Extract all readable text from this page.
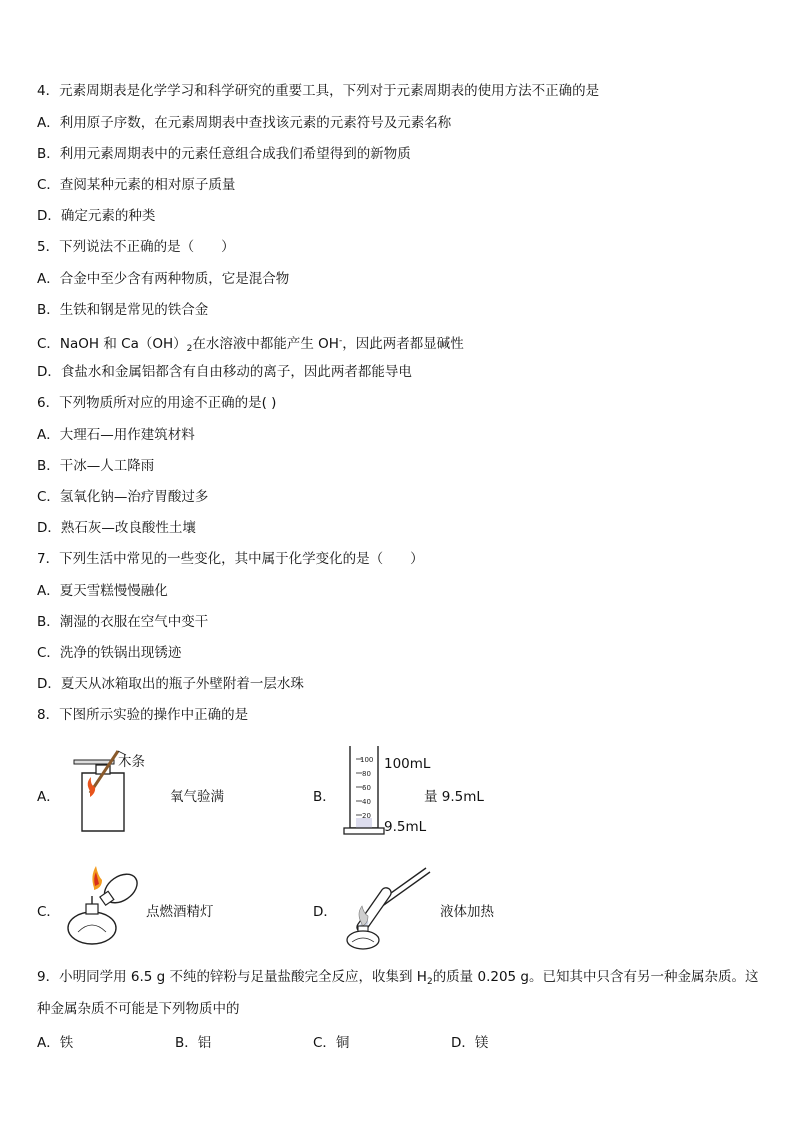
4．元素周期表是化学学习和科学研究的重要工具，下列对于元素周期表的使用方法不正确的是
A．利用原子序数，在元素周期表中查找该元素的元素符号及元素名称
B．利用元素周期表中的元素任意组合成我们希望得到的新物质
C．查阅某种元素的相对原子质量
D．确定元素的种类
5．下列说法不正确的是（　　）
A．合金中至少含有两种物质，它是混合物
B．生铁和钢是常见的铁合金
C．NaOH 和 $Ca(OH)_2$在水溶液中都能产生 OH-，因此两者都显碱性
D．食盐水和金属铝都含有自由移动的离子，因此两者都能导电
6．下列物质所对应的用途不正确的是( )
A．大理石—用作建筑材料
B．干冰—人工降雨
C．氢氧化钠—治疗胃酸过多
D．熟石灰—改良酸性土壤
7．下列生活中常见的一些变化，其中属于化学变化的是（　　）
A．夏天雪糕慢慢融化
B．潮湿的衣服在空气中变干
C．洗净的铁锅出现锈迹
D．夏天从冰箱取出的瓶子外壁附着一层水珠
8．下图所示实验的操作中正确的是
A．
木条
氧气验满	B．
100
80
60
40
20
100mL
量 9.5mL
9.5mL
C．	点燃酒精灯	D．	液体加热
9．小明同学用 6.5 g 不纯的锌粉与足量盐酸完全反应，收集到 $H_2$的质量 0.205 g。已知其中只含有另一种金属杂质。这
种金属杂质不可能是下列物质中的
A．铁	B．铝	C．铜	D．镁
